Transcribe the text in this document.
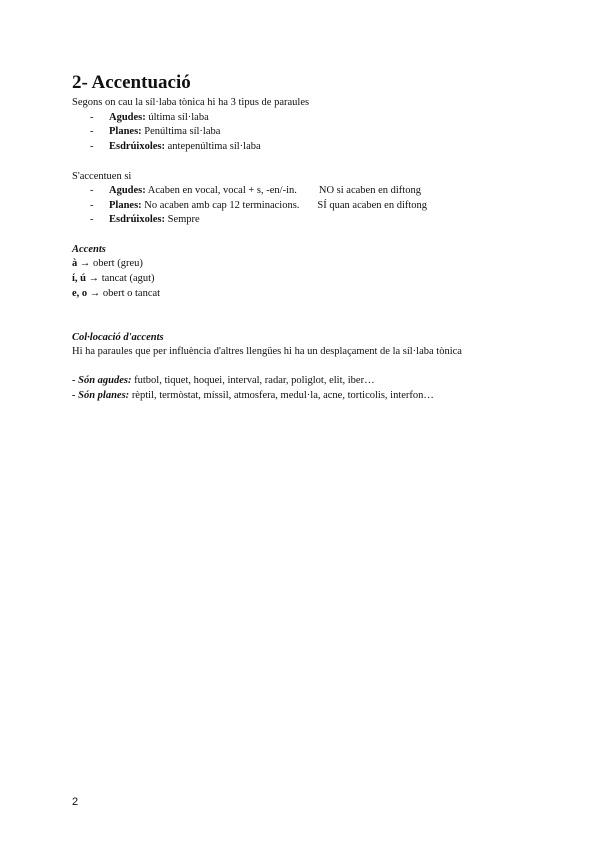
2- Accentuació
Segons on cau la síl·laba tònica hi ha 3 tipus de paraules
- Agudes: última síl·laba
- Planes: Penúltima síl·laba
- Esdrúixoles: antepenúltima síl·laba
S'accentuen si
- Agudes: Acaben en vocal, vocal + s, -en/-in. NO si acaben en diftong
- Planes: No acaben amb cap 12 terminacions. SÍ quan acaben en diftong
- Esdrúixoles: Sempre
Accents
à → obert (greu)
í, ú → tancat (agut)
e, o → obert o tancat
Col·locació d'accents
Hi ha paraules que per influència d'altres llengües hi ha un desplaçament de la síl·laba tònica
- Són agudes: futbol, tiquet, hoquei, interval, radar, poliglot, elit, iber…
- Són planes: rèptil, termòstat, míssil, atmosfera, medul·la, acne, torticolis, interfon…
2
